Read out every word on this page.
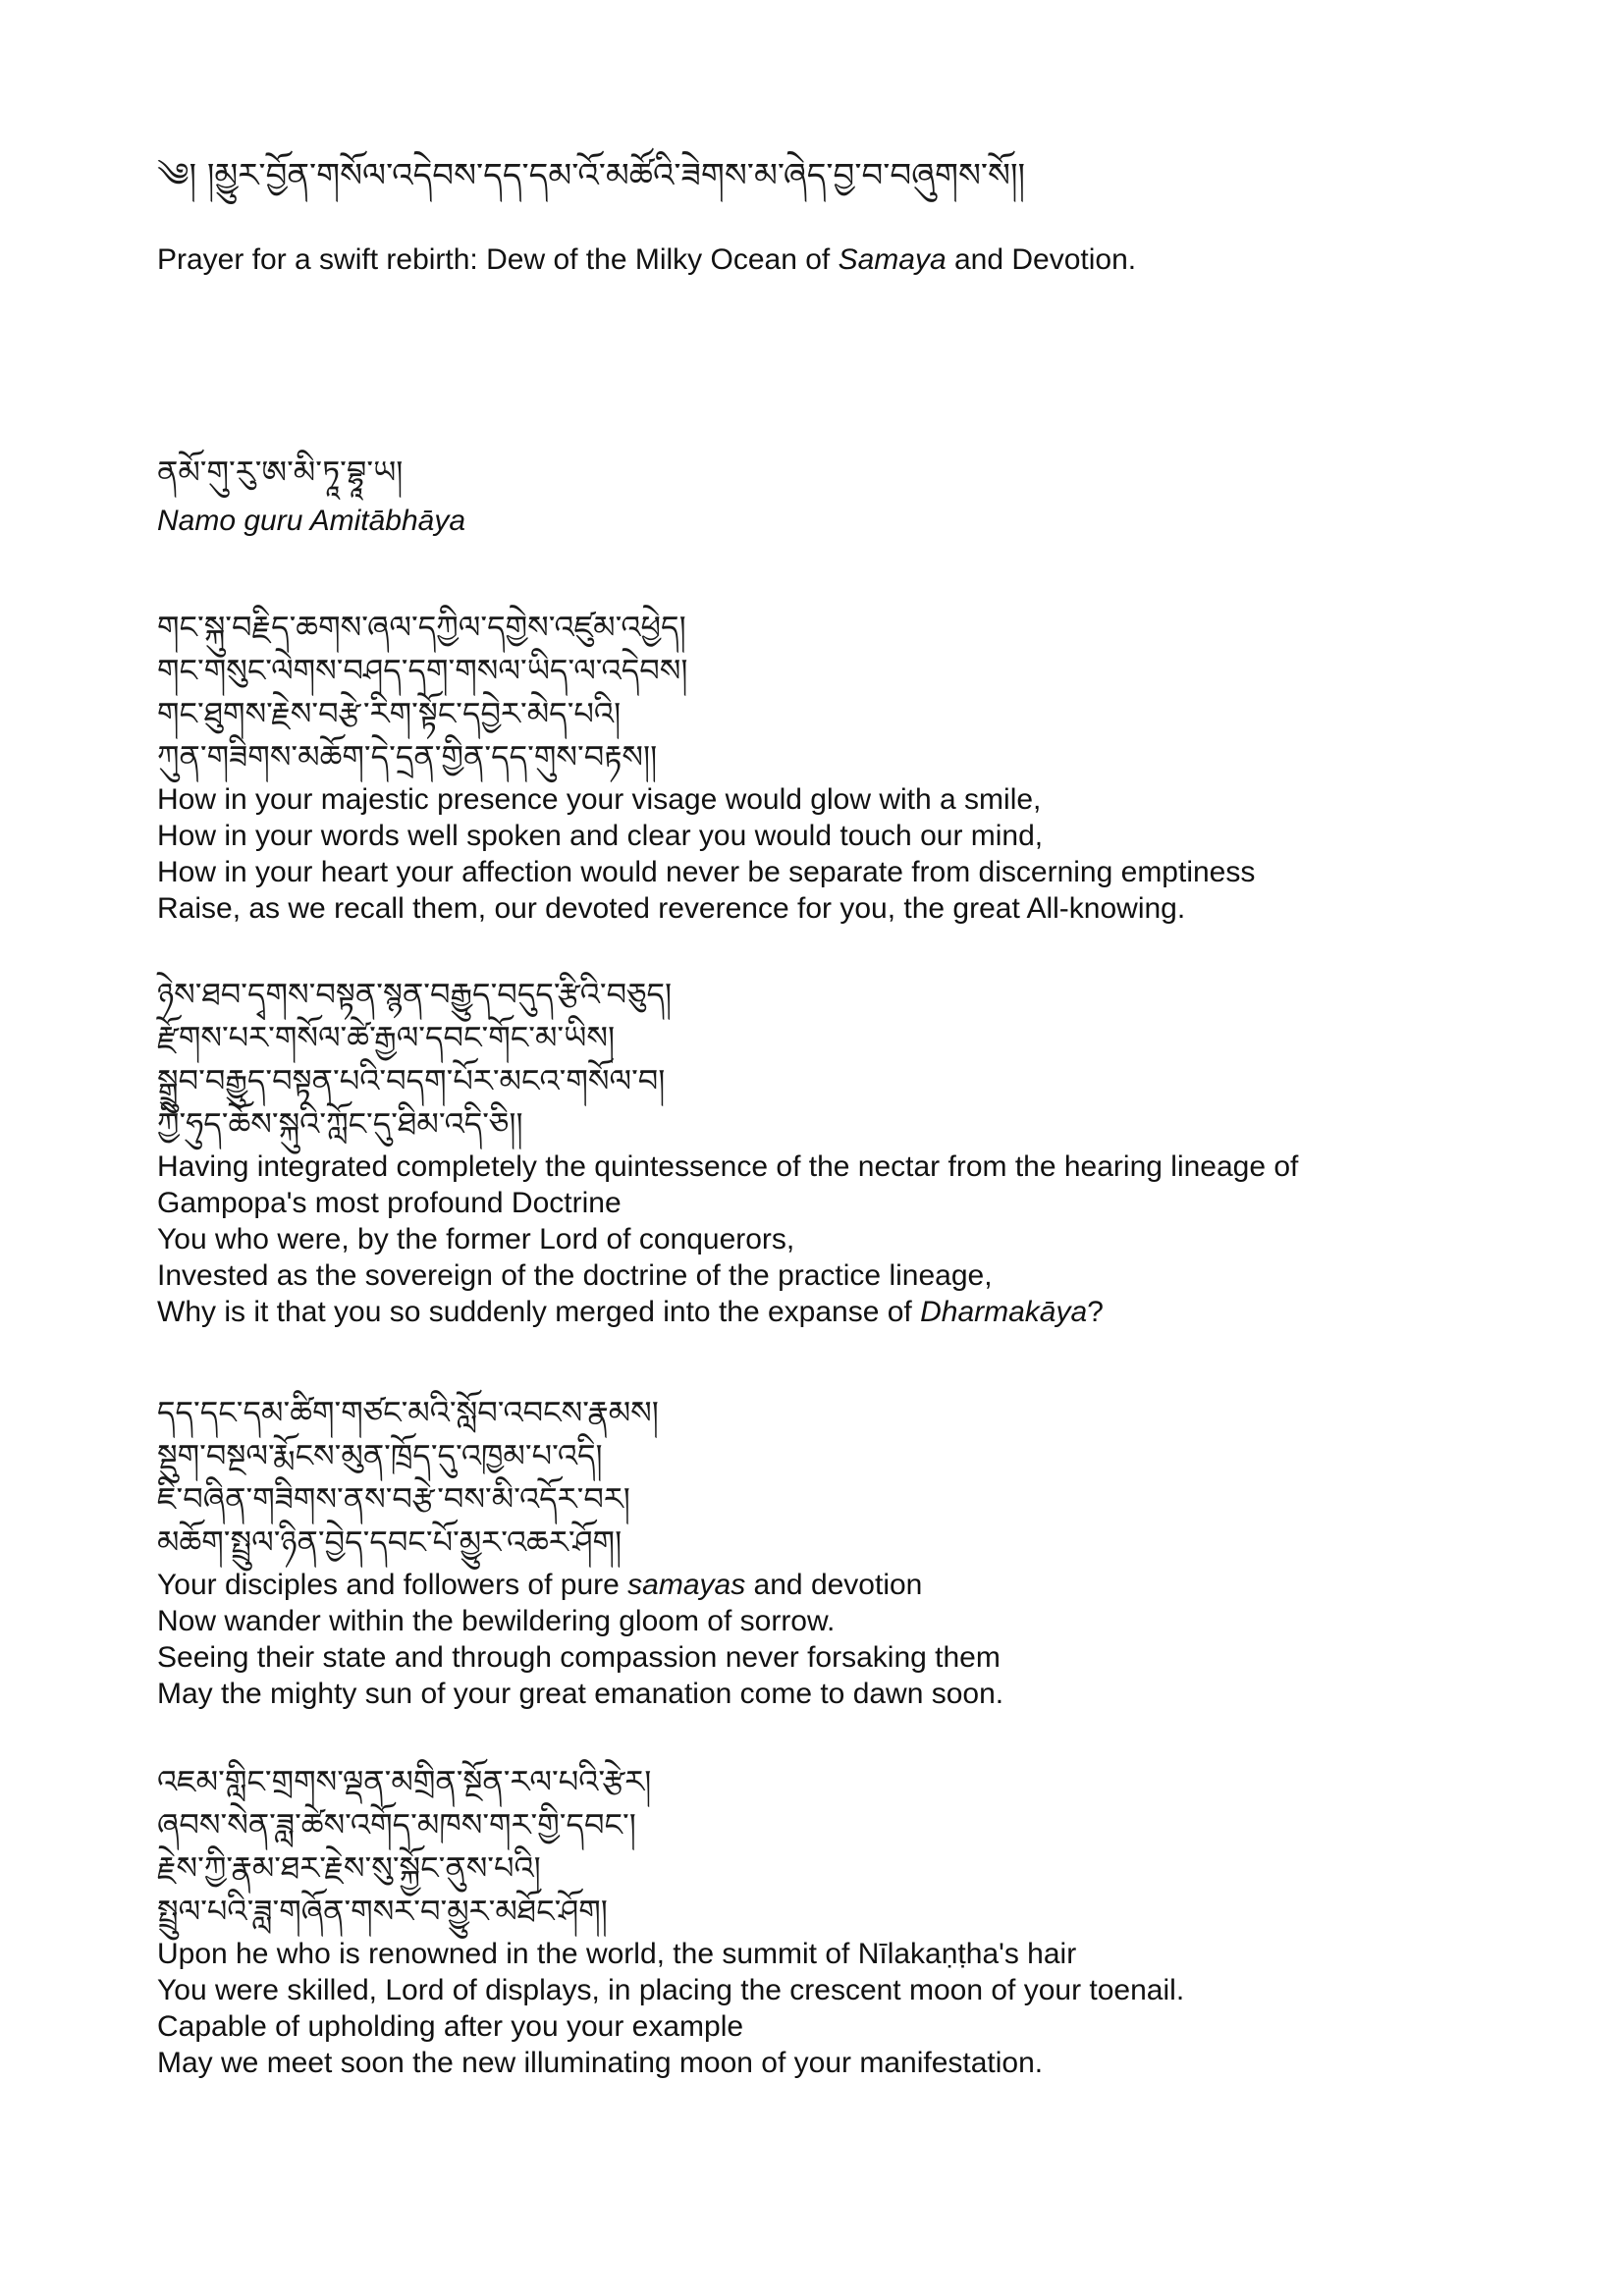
༄། །མྱུར་བྱོན་གསོལ་འདེབས་དད་དམ་འོ་མཚོའི་ཟེགས་མ་ཞེད་བྱ་བ་བཞུགས་སོ།།
Prayer for a swift rebirth: Dew of the Milky Ocean of Samaya and Devotion.
ནམོ་གུ་རུ་ཨ་མི་ཏཱ་བྷཱ་ཡ།
Namo guru Amitābhāya
གང་སྐུ་བརྗིད་ཆགས་ཞལ་དཀྱིལ་དགྱེས་འཛུམ་འཕྱེད།
གང་གསུང་ལེགས་བཤད་དག་གསལ་ཡིད་ལ་འདེབས།
གང་ཐུགས་རྗེས་བརྩེ་རིག་སྟོང་དབྱེར་མེད་པའི།
ཀུན་གཟིགས་མཆོག་དེ་དྲན་གྱིན་དད་གུས་བརྟས།།
How in your majestic presence your visage would glow with a smile,
How in your words well spoken and clear you would touch our mind,
How in your heart your affection would never be separate from discerning emptiness
Raise, as we recall them, our devoted reverence for you, the great All-knowing.
ཉེས་ཐབ་དྭགས་བསྟན་སྙན་བརྒྱུད་བདུད་རྩིའི་བཅུད།
རྫོགས་པར་གསོལ་ཚེ་རྒྱལ་དབང་གོང་མ་ཡིས།
སྒྲུབ་བརྒྱུད་བསྟན་པའི་བདག་པོར་མངའ་གསོལ་བ།
ཀྱི་ཧུད་ཆོས་སྐུའི་ཀློང་དུ་ཐིམ་འདི་ཅི།།
Having integrated completely the quintessence of the nectar from the hearing lineage of
Gampopa's most profound Doctrine
You who were, by the former Lord of conquerors,
Invested as the sovereign of the doctrine of the practice lineage,
Why is it that you so suddenly merged into the expanse of Dharmakāya?
དད་དང་དམ་ཚིག་གཙང་མའི་སློབ་འབངས་རྣམས།
སྡུག་བསྔལ་རྨོངས་མུན་ཁྲོད་དུ་འཁྱམ་པ་འདི།
ཇི་བཞིན་གཟིགས་ནས་བརྩེ་བས་མི་འདོར་བར།
མཆོག་སྤྲུལ་ཉིན་བྱེད་དབང་པོ་མྱུར་འཆར་ཤོག།
Your disciples and followers of pure samayas and devotion
Now wander within the bewildering gloom of sorrow.
Seeing their state and through compassion never forsaking them
May the mighty sun of your great emanation come to dawn soon.
འཇམ་གླིང་གྲགས་ལྡན་མགྲིན་སྔོན་རལ་པའི་རྩེར།
ཞབས་སེན་ཟླ་ཚེས་འགོད་མཁས་གར་གྱི་དབང་།
རྗེས་ཀྱི་རྣམ་ཐར་རྗེས་སུ་སྐྱོང་ནུས་པའི།
སྤྲུལ་པའི་ཟླ་གཞོན་གསར་བ་མྱུར་མཐོང་ཤོག།
Upon he who is renowned in the world, the summit of Nīlakaṇṭha's hair
You were skilled, Lord of displays, in placing the crescent moon of your toenail.
Capable of upholding after you your example
May we meet soon the new illuminating moon of your manifestation.
